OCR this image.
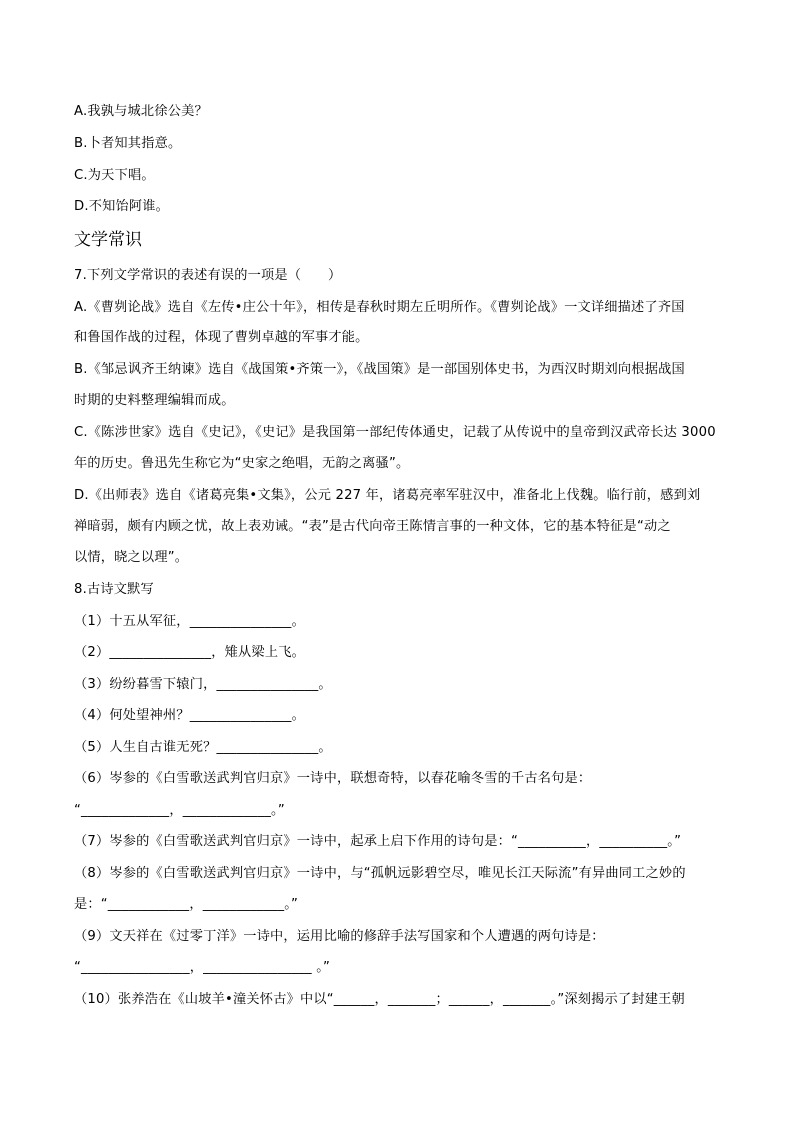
A.我孰与城北徐公美？
B.卜者知其指意。
C.为天下唱。
D.不知饴阿谁。
文学常识
7.下列文学常识的表述有误的一项是（　　）
A.《曹刿论战》选自《左传•庄公十年》，相传是春秋时期左丘明所作。《曹刿论战》一文详细描述了齐国
和鲁国作战的过程，体现了曹刿卓越的军事才能。
B.《邹忌讽齐王纳谏》选自《战国策•齐策一》，《战国策》是一部国别体史书，为西汉时期刘向根据战国
时期的史料整理编辑而成。
C.《陈涉世家》选自《史记》，《史记》是我国第一部纪传体通史，记载了从传说中的皇帝到汉武帝长达 3000
年的历史。鲁迅先生称它为“史家之绝唱，无韵之离骚”。
D.《出师表》选自《诸葛亮集•文集》，公元 227 年，诸葛亮率军驻汉中，准备北上伐魏。临行前，感到刘
禅暗弱，颇有内顾之忧，故上表劝诫。“表”是古代向帝王陈情言事的一种文体，它的基本特征是“动之
以情，晓之以理”。
8.古诗文默写
（1）十五从军征，_______________。
（2）_______________，雉从梁上飞。
（3）纷纷暮雪下辕门，_______________。
（4）何处望神州？_______________。
（5）人生自古谁无死？_______________。
（6）岑参的《白雪歌送武判官归京》一诗中，联想奇特，以春花喻冬雪的千古名句是：
“_____________，_____________。”
（7）岑参的《白雪歌送武判官归京》一诗中，起承上启下作用的诗句是：“__________，__________。”
（8）岑参的《白雪歌送武判官归京》一诗中，与“孤帆远影碧空尽，唯见长江天际流”有异曲同工之妙的
是：“____________，____________。”
（9）文天祥在《过零丁洋》一诗中，运用比喻的修辞手法写国家和个人遭遇的两句诗是：
“________________，________________ 。”
（10）张养浩在《山坡羊•潼关怀古》中以“______，_______；______，_______。”深刻揭示了封建王朝
